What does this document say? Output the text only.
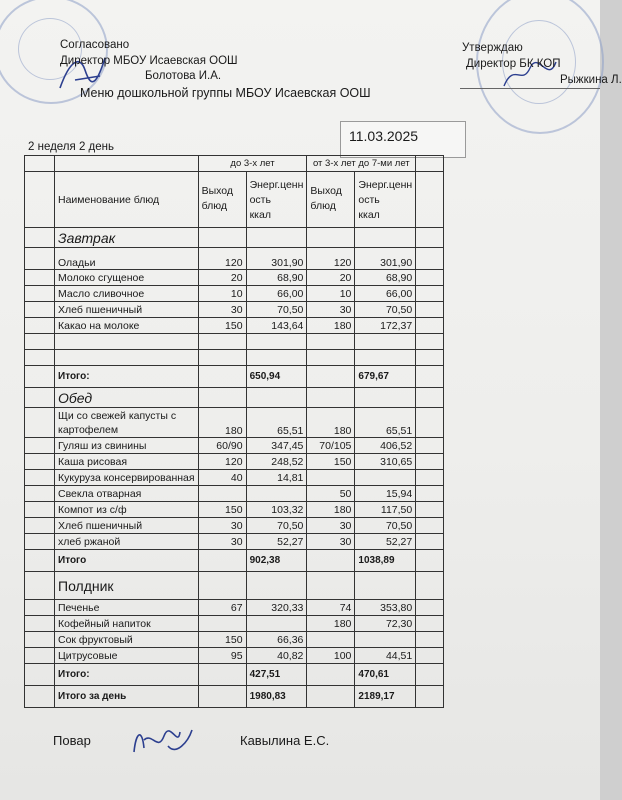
Согласовано
Директор МБОУ Исаевская ООШ
Болотова И.А.
Меню дошкольной группы МБОУ Исаевская ООШ
Утверждаю
Директор БК КОП
Рыжкина Л.
11.03.2025
2 неделя 2 день
		до 3-х лет		от 3-х лет до 7-ми лет		
	Наименование блюд	Выход
блюд	Энерг.ценн
ость
ккал	Выход
блюд	Энерг.ценн
ость
ккал	
	Завтрак					
	Оладьи	120	301,90	120	301,90	
	Молоко сгущеное	20	68,90	20	68,90	
	Масло сливочное	10	66,00	10	66,00	
	Хлеб пшеничный	30	70,50	30	70,50	
	Какао на молоке	150	143,64	180	172,37	

	Итого:		650,94		679,67	
	Обед					
	Щи со свежей капусты с
картофелем	180	65,51	180	65,51	
	Гуляш из свинины	60/90	347,45	70/105	406,52	
	Каша рисовая	120	248,52	150	310,65	
	Кукуруза консервированная	40	14,81			
	Свекла отварная			50	15,94	
	Компот из с/ф	150	103,32	180	117,50	
	Хлеб пшеничный	30	70,50	30	70,50	
	хлеб ржаной	30	52,27	30	52,27	
	Итого		902,38		1038,89	
	Полдник					
	Печенье	67	320,33	74	353,80	
	Кофейный напиток			180	72,30	
	Сок фруктовый	150	66,36			
	Цитрусовые	95	40,82	100	44,51	
	Итого:		427,51		470,61	
	Итого за день		1980,83		2189,17	
Повар	Кавылина Е.С.
